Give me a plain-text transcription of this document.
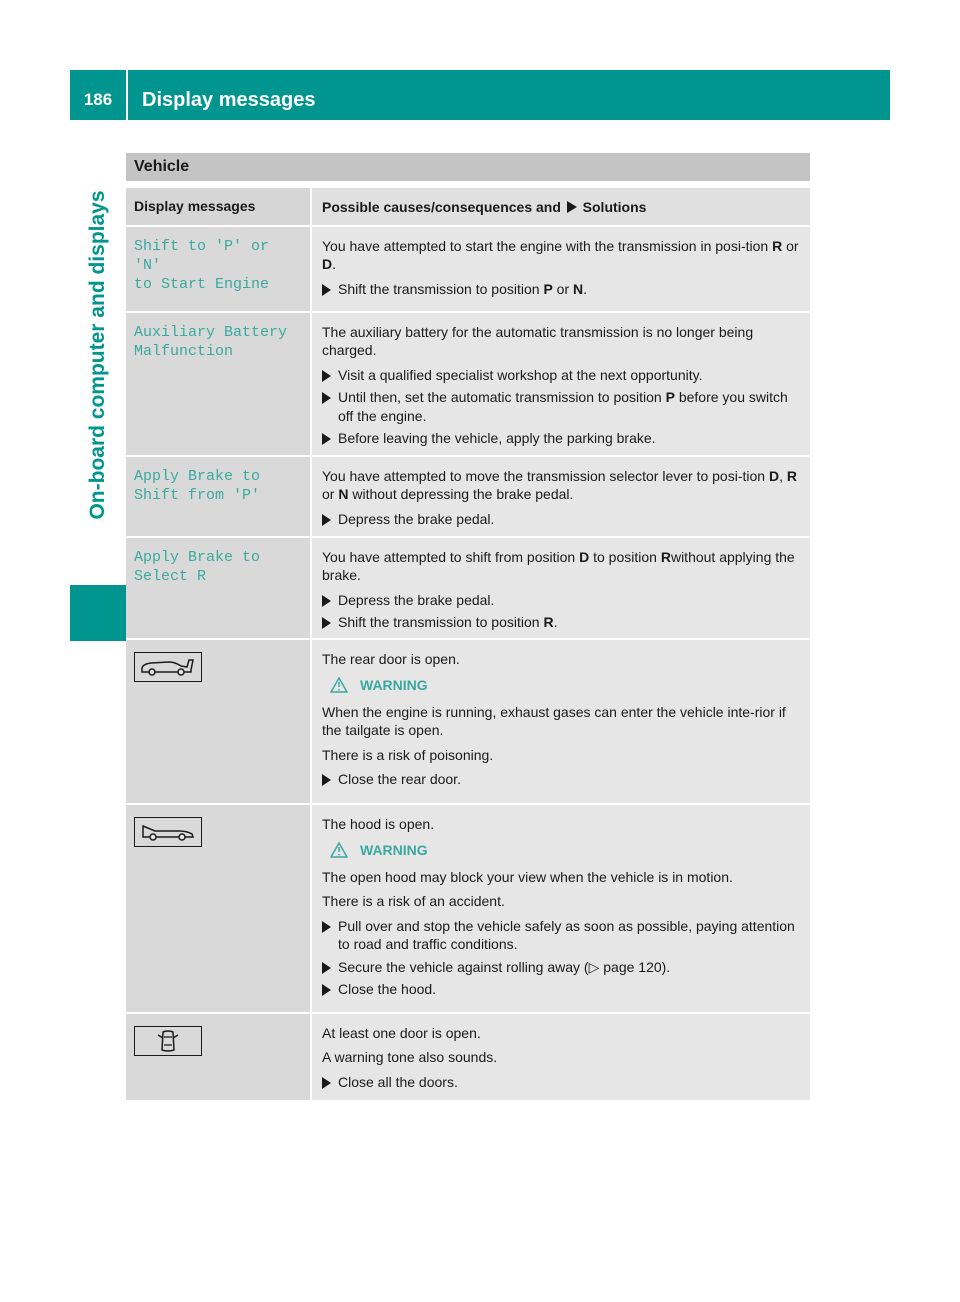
186	Display messages
On-board computer and displays
Vehicle
Display messages	Possible causes/consequences and Solutions
Shift to 'P' or 'N'
to Start Engine

You have attempted to start the engine with the transmission in posi-tion R or D.

Shift the transmission to position P or N.
Auxiliary Battery
Malfunction

The auxiliary battery for the automatic transmission is no longer being charged.

Visit a qualified specialist workshop at the next opportunity.
Until then, set the automatic transmission to position P before you switch off the engine.
Before leaving the vehicle, apply the parking brake.
Apply Brake to
Shift from 'P'

You have attempted to move the transmission selector lever to posi-tion D, R or N without depressing the brake pedal.

Depress the brake pedal.
Apply Brake to
Select R

You have attempted to shift from position D to position Rwithout applying the brake.

Depress the brake pedal.
Shift the transmission to position R.

The rear door is open.

WARNING

When the engine is running, exhaust gases can enter the vehicle inte-rior if the tailgate is open.

There is a risk of poisoning.

Close the rear door.

The hood is open.

WARNING

The open hood may block your view when the vehicle is in motion.

There is a risk of an accident.

Pull over and stop the vehicle safely as soon as possible, paying attention to road and traffic conditions.
Secure the vehicle against rolling away (▷ page 120).
Close the hood.

At least one door is open.

A warning tone also sounds.

Close all the doors.
